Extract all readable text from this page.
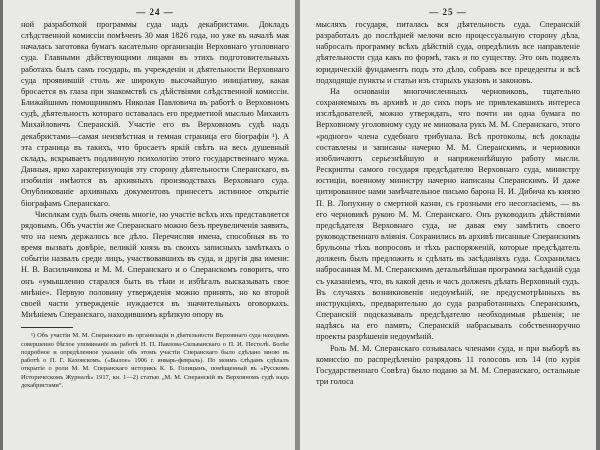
— 24 —

ной разработкой программы суда надъ декабристами. Докладъ слѣдственной комиссіи помѣченъ 30 мая 1826 года, но уже въ началѣ мая началась заготовка бумагъ касательно организаціи Верховнаго уголовнаго суда. Главными дѣйствующими лицами въ этихъ подготовительныхъ работахъ былъ самъ государь, въ учрежденіи и дѣятельности Верховнаго суда проявившій столь же широкую высочайшую иниціативу, какая бросается въ глаза при знакомствѣ съ дѣйствіями слѣдственной комиссіи. Ближайшимъ помощникомъ Николая Павловича въ работѣ о Верховномъ судѣ, дѣятельность котораго оставалась его предметной мыслью Михаилъ Михайловичъ Сперанскій. Участіе его въ Верховномъ судѣ надъ декабристами—самая неизвѣстная и темная страница его біографіи ¹). А эта страница въ такихъ, что бросаетъ яркій свѣтъ на весь душевный складъ, вскрываетъ подлинную психологію этого государственнаго мужа. Данныя, ярко характеризующія эту сторону дѣятельности Сперанскаго, въ изобиліи имѣются въ архивныхъ производствахъ Верховнаго суда. Опубликованіе архивныхъ документовъ принесетъ истинное открытіе біографамъ Сперанскаго.

Чисолкам судъ былъ очень многіе, но участіе всѣхъ ихъ представляется рядовымъ. Объ участіи же Сперанскаго можно безъ преувеличенія заявить, что на немъ держалось все дѣло. Перечисляя имена, способныя въ то время вызвать довѣріе, великій князь въ своихъ записныхъ замѣткахъ о событіи назвалъ среди лицъ, участвовавшихъ въ суда, и другія два имени: Н. В. Васильчикова и М. М. Сперанскаго и о Сперанскомъ говоритъ, что онъ «умышленно старался быть въ тѣни и избѣгалъ высказывать свое мнѣніе». Первую половину утвержденія можно принять, но ко второй своей части утвержденіе нуждается въ значительныхъ оговоркахъ. Мнѣніемъ Сперанскаго, находившимъ крѣпкую опору въ

¹) Объ участіи М. М. Сперанскаго въ организаціи и дѣятельности Верховнаго суда находимъ совершенно бѣглое упоминаніе въ работѣ Н. П. Павлова-Сильванскаго о П. И. Пестелѣ. Болѣе подробное и опредѣленное указаніе объ этомъ участіи Сперанскаго было сдѣлано мною въ работѣ о П. Г. Каховскомъ. («Былое» 1906 г. январь-февраль). По моимъ слѣдамъ сдѣлалъ открытіе о роли М. М. Сперанскаго историкъ К. Б. Голицынъ, помѣщенный въ «Русскомъ Историческомъ Журналѣ» 1917, кн. 1—2) статью „М. М. Сперанскій въ Верховномъ судѣ надъ декабристами“.

— 25 —

мысляхъ государя, питалась вся дѣятельность суда. Сперанскій разработалъ до послѣдней мелочи всю процессуальную сторону дѣла, набросалъ программу всѣхъ дѣйствій суда, опредѣлилъ все направленіе дѣятельности суда какъ по формѣ, такъ и по существу. Это онъ подвелъ юридическій фундаментъ подъ это дѣло, собравъ все прецеденты и всѣ подходящіе пункты и статьи изъ старыхъ указовъ и законовъ.

На основаніи многочисленныхъ черновиковъ, тщательно сохраняемыхъ въ архивѣ и до сихъ поръ не привлекавшихъ интереса изслѣдователей, можно утверждать, что почти ни одна бумага по Верховному уголовному суду не миновала рукъ М. М. Сперанскаго, этого «родного» члена судебнаго трибунала. Всѣ протоколы, всѣ доклады составлены и записаны начерно М. М. Сперанскимъ, и черновики изобличаютъ серьезнѣйшую и напряженнѣйшую работу мысли. Рескрипты самого государя предсѣдателю Верховнаго суда, министру юстиціи, военному министру начерно написаны Сперанскимъ. И даже цитированное нами замѣчательное письмо барона Н. И. Дибича къ князю П. В. Лопухину о смертной казни, съ грозными его несогласіемъ, — въ его черновикѣ рукою М. М. Сперанскаго. Онъ руководилъ дѣйствіями предсѣдателя Верховнаго суда, не давая ему замѣтить своего руководственнаго вліянія. Сохранились въ архивѣ писанные Сперанскимъ брульоны тѣхъ вопросовъ и тѣхъ распоряженій, которые предсѣдатель долженъ былъ предложить и сдѣлать въ засѣданіяхъ суда. Сохранилась набросанная М. М. Сперанскимъ детальнѣйшая программа засѣданій суда съ указаніемъ, что, въ какой день и часъ долженъ дѣлать Верховный судъ. Въ случаяхъ возникновенія недоумѣній, не предусмотрѣнныхъ въ инструкціяхъ, предварительно до суда разработанныхъ Сперанскимъ, Сперанскій подсказывалъ предсѣдателю необходимыя рѣшенія; не надѣясь на его память, Сперанскій набрасывалъ собственноручно проекты разрѣшенія недоумѣній.

Роль М. М. Сперанскаго созывалась членами суда, и при выборѣ въ комиссію по распредѣленію разрядовъ 11 голосовъ изъ 14 (по курія Государственнаго Совѣта) было подано за М. М. Сперанскаго, остальные три голоса
